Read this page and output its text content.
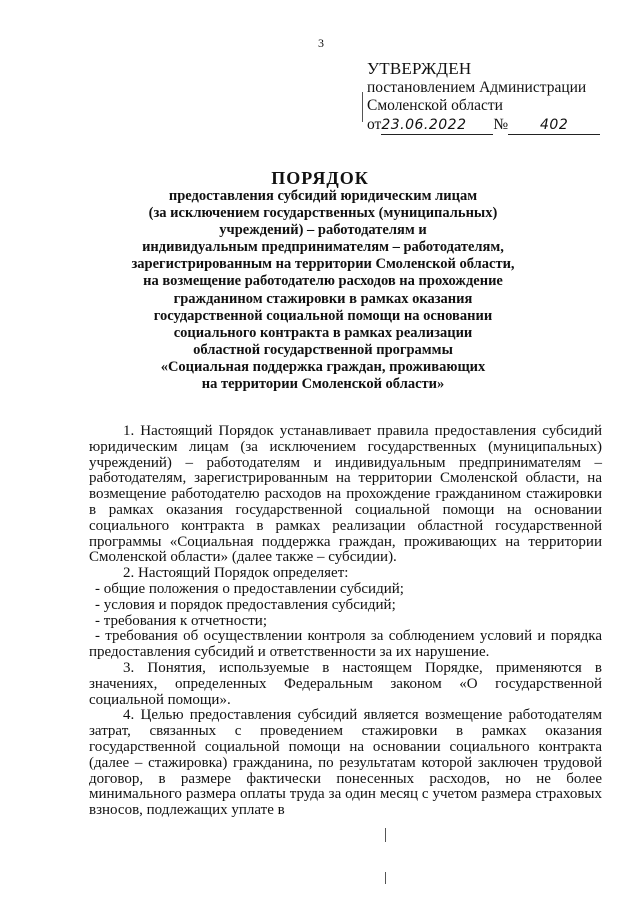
3
УТВЕРЖДЕН
постановлением Администрации
Смоленской области
от23.06.2022 № 402
ПОРЯДОК
предоставления субсидий юридическим лицам
(за исключением государственных (муниципальных)
учреждений) – работодателям и
индивидуальным предпринимателям – работодателям,
зарегистрированным на территории Смоленской области,
на возмещение работодателю расходов на прохождение
гражданином стажировки в рамках оказания
государственной социальной помощи на основании
социального контракта в рамках реализации
областной государственной программы
«Социальная поддержка граждан, проживающих
на территории Смоленской области»

1. Настоящий Порядок устанавливает правила предоставления субсидий юридическим лицам (за исключением государственных (муниципальных) учреждений) – работодателям и индивидуальным предпринимателям – работодателям, зарегистрированным на территории Смоленской области, на возмещение работодателю расходов на прохождение гражданином стажировки в рамках оказания государственной социальной помощи на основании социального контракта в рамках реализации областной государственной программы «Социальная поддержка граждан, проживающих на территории Смоленской области» (далее также – субсидии).

2. Настоящий Порядок определяет:

- общие положения о предоставлении субсидий;
- условия и порядок предоставления субсидий;
- требования к отчетности;
- требования об осуществлении контроля за соблюдением условий и порядка предоставления субсидий и ответственности за их нарушение.

3. Понятия, используемые в настоящем Порядке, применяются в значениях, определенных Федеральным законом «О государственной социальной помощи».

4. Целью предоставления субсидий является возмещение работодателям затрат, связанных с проведением стажировки в рамках оказания государственной социальной помощи на основании социального контракта (далее – стажировка) гражданина, по результатам которой заключен трудовой договор, в размере фактически понесенных расходов, но не более минимального размера оплаты труда за один месяц с учетом размера страховых взносов, подлежащих уплате в
